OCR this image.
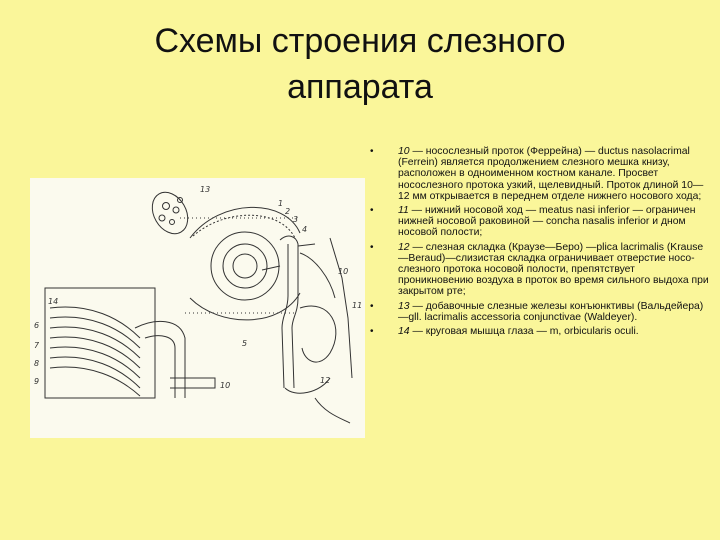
Схемы строения слезного
аппарата
13
1
2
3
4
10
11
12
14
6
7
8
9	10
5
• 10 — носослезный проток (Феррейна) — ductus nasolacrimal (Ferrein) является продолжением слезного мешка книзу, расположен в одноименном костном канале. Просвет носослезного протока узкий, щелевидный. Проток длиной 10—12 мм открывается в переднем отделе нижнего носового хода;
• 11 — нижний носовой ход — meatus nasi inferior — ограничен нижней носовой раковиной — concha nasalis inferior и дном носовой полости;
• 12 — слезная складка (Краузе—Беро) —plica lacrimalis (Krause—Beraud)—слизистая складка ограничивает отверстие носо-слезного протока носовой полости, препятствует проникновению воздуха в проток во время сильного выдоха при закрытом рте;
• 13 — добавочные слезные железы конъюнктивы (Вальдейера) —gll. lacrimalis accessoria conjunctivae (Waldeyer).
• 14 — круговая мышца глаза — m, orbicularis oculi.
